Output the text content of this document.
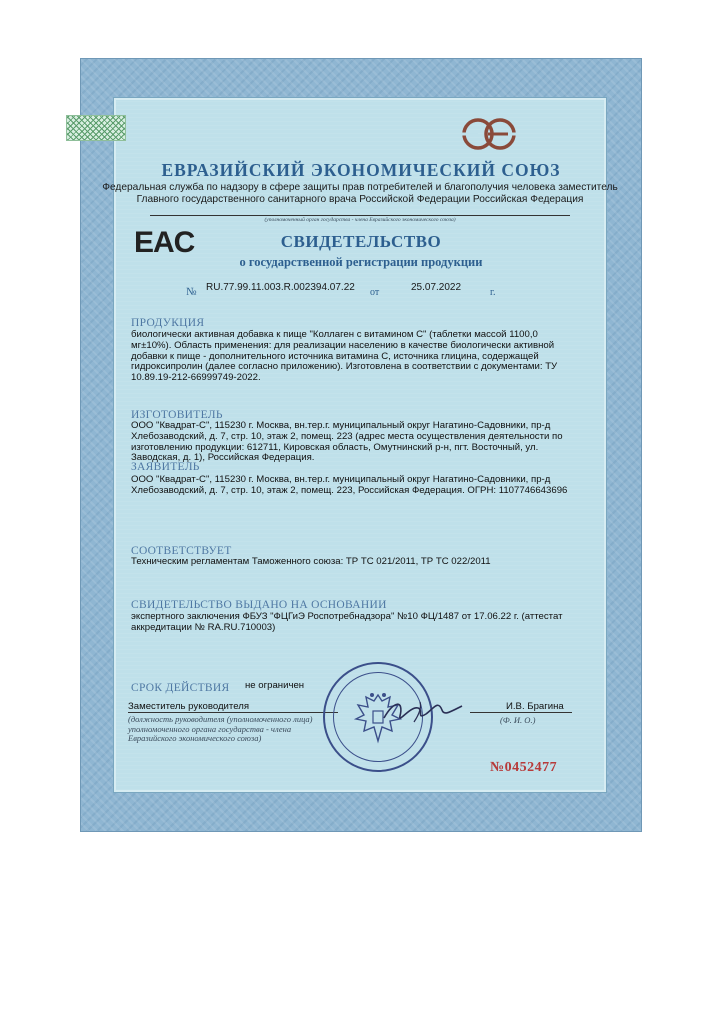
ЕВРАЗИЙСКИЙ ЭКОНОМИЧЕСКИЙ СОЮЗ
Федеральная служба по надзору в сфере защиты прав потребителей и благополучия человека заместитель Главного государственного санитарного врача Российской Федерации Российская Федерация
(уполномоченный орган государства - члена Евразийского экономического союза)
EAC	СВИДЕТЕЛЬСТВО
о государственной регистрации продукции
№ RU.77.99.11.003.R.002394.07.22 от	25.07.2022	г.
ПРОДУКЦИЯ
биологически активная добавка к пище "Коллаген с витамином С" (таблетки массой 1100,0 мг±10%). Область применения: для реализации населению в качестве биологически активной добавки к пище - дополнительного источника витамина С, источника глицина, содержащей гидроксипролин (далее согласно приложению). Изготовлена в соответствии с документами: ТУ 10.89.19-212-66999749-2022.
ИЗГОТОВИТЕЛЬ
ООО "Квадрат-С", 115230 г. Москва, вн.тер.г. муниципальный округ Нагатино-Садовники, пр-д Хлебозаводский, д. 7, стр. 10, этаж 2, помещ. 223 (адрес места осуществления деятельности по изготовлению продукции: 612711, Кировская область, Омутнинский р-н, пгт. Восточный, ул. Заводская, д. 1), Российская Федерация.
ЗАЯВИТЕЛЬ
ООО "Квадрат-С", 115230 г. Москва, вн.тер.г. муниципальный округ Нагатино-Садовники, пр-д Хлебозаводский, д. 7, стр. 10, этаж 2, помещ. 223, Российская Федерация. ОГРН: 1107746643696
СООТВЕТСТВУЕТ
Техническим регламентам Таможенного союза: ТР ТС 021/2011, ТР ТС 022/2011
СВИДЕТЕЛЬСТВО ВЫДАНО НА ОСНОВАНИИ
экспертного заключения ФБУЗ "ФЦГиЭ Роспотребнадзора" №10 ФЦ/1487 от 17.06.22 г. (аттестат аккредитации № RA.RU.710003)
СРОК ДЕЙСТВИЯ не ограничен
Заместитель руководителя
(должность руководителя (уполномоченного лица) уполномоченного органа государства - члена Евразийского экономического союза)
И.В. Брагина
(Ф. И. О.)
№0452477
